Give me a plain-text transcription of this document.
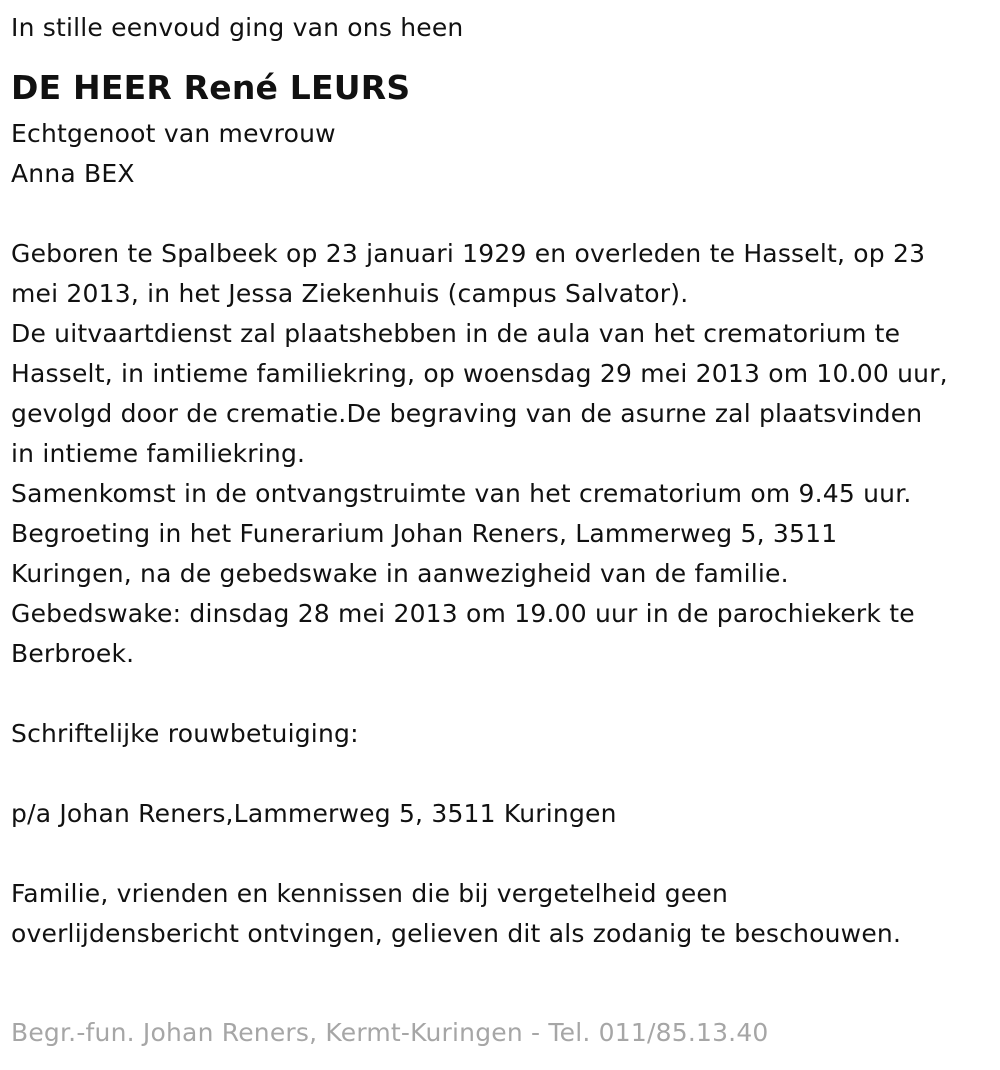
In stille eenvoud ging van ons heen
DE HEER René LEURS
Echtgenoot van mevrouw
Anna BEX
Geboren te Spalbeek op 23 januari 1929 en overleden te Hasselt, op 23
mei 2013, in het Jessa Ziekenhuis (campus Salvator).
De uitvaartdienst zal plaatshebben in de aula van het crematorium te
Hasselt, in intieme familiekring, op woensdag 29 mei 2013 om 10.00 uur,
gevolgd door de crematie.De begraving van de asurne zal plaatsvinden
in intieme familiekring.
Samenkomst in de ontvangstruimte van het crematorium om 9.45 uur.
Begroeting in het Funerarium Johan Reners, Lammerweg 5, 3511
Kuringen, na de gebedswake in aanwezigheid van de familie.
Gebedswake: dinsdag 28 mei 2013 om 19.00 uur in de parochiekerk te
Berbroek.
Schriftelijke rouwbetuiging:
p/a Johan Reners,Lammerweg 5, 3511 Kuringen
Familie, vrienden en kennissen die bij vergetelheid geen
overlijdensbericht ontvingen, gelieven dit als zodanig te beschouwen.
Begr.-fun. Johan Reners, Kermt-Kuringen - Tel. 011/85.13.40
